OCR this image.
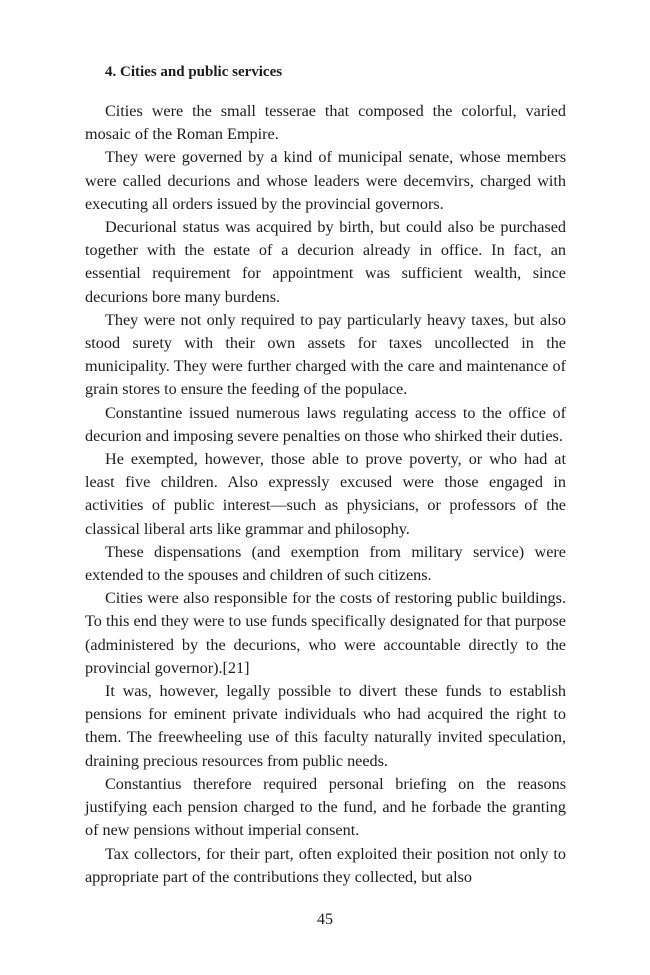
4. Cities and public services

Cities were the small tesserae that composed the colorful, varied mosaic of the Roman Empire.

They were governed by a kind of municipal senate, whose members were called decurions and whose leaders were decemvirs, charged with executing all orders issued by the provincial governors.

Decurional status was acquired by birth, but could also be purchased together with the estate of a decurion already in office. In fact, an essential requirement for appointment was sufficient wealth, since decurions bore many burdens.

They were not only required to pay particularly heavy taxes, but also stood surety with their own assets for taxes uncollected in the municipality. They were further charged with the care and maintenance of grain stores to ensure the feeding of the populace.

Constantine issued numerous laws regulating access to the office of decurion and imposing severe penalties on those who shirked their duties.

He exempted, however, those able to prove poverty, or who had at least five children. Also expressly excused were those engaged in activities of public interest—such as physicians, or professors of the classical liberal arts like grammar and philosophy.

These dispensations (and exemption from military service) were extended to the spouses and children of such citizens.

Cities were also responsible for the costs of restoring public buildings. To this end they were to use funds specifically designated for that purpose (administered by the decurions, who were accountable directly to the provincial governor).[21]

It was, however, legally possible to divert these funds to establish pensions for eminent private individuals who had acquired the right to them. The freewheeling use of this faculty naturally invited speculation, draining precious resources from public needs.

Constantius therefore required personal briefing on the reasons justifying each pension charged to the fund, and he forbade the granting of new pensions without imperial consent.

Tax collectors, for their part, often exploited their position not only to appropriate part of the contributions they collected, but also

45
